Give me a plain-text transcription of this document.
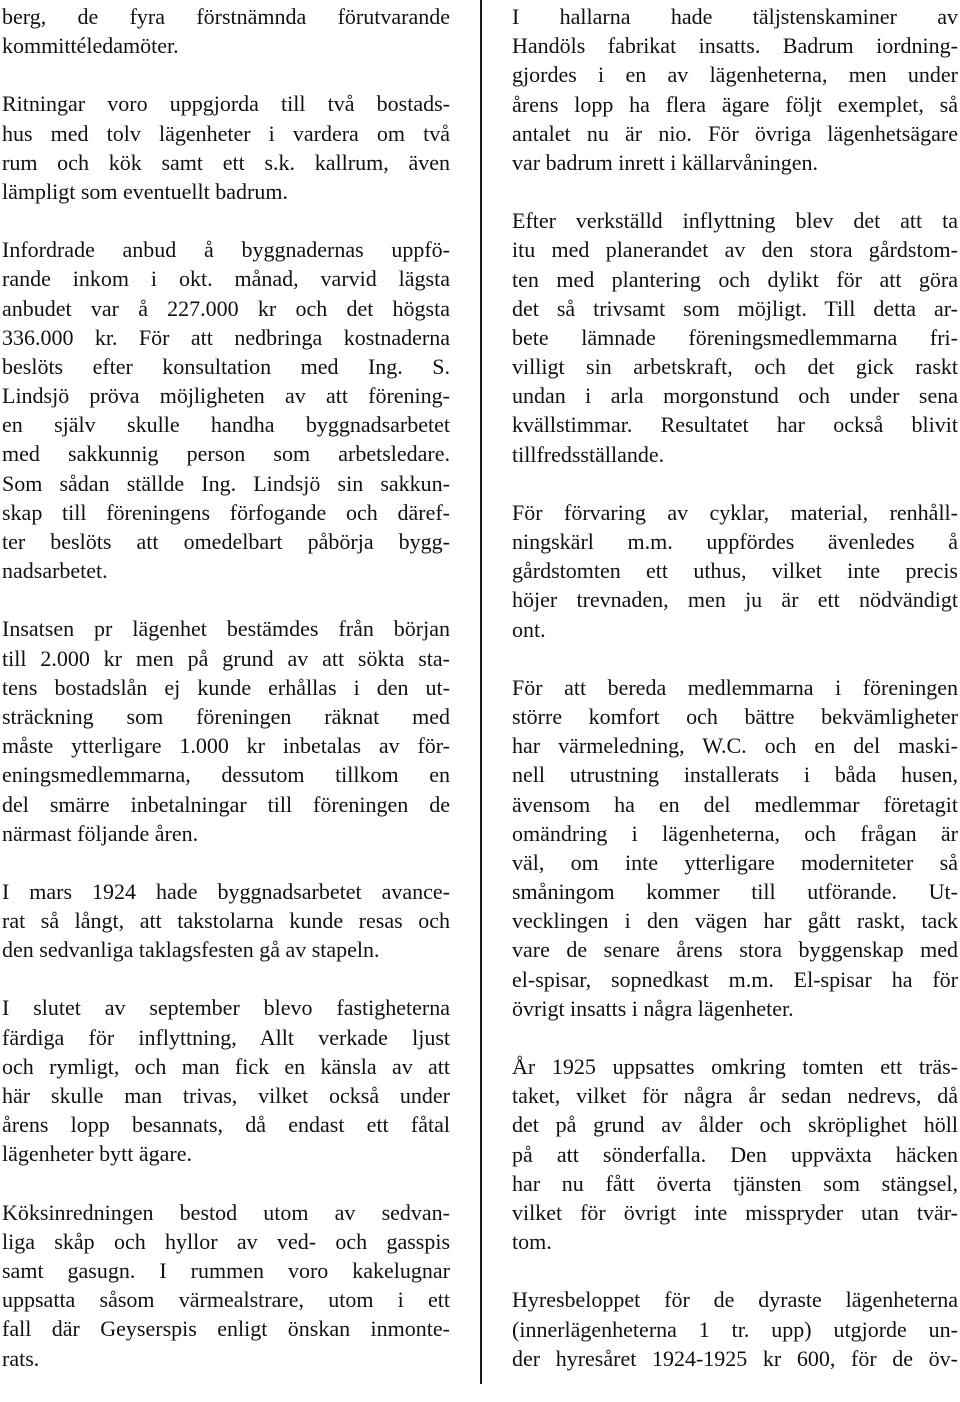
berg, de fyra förstnämnda förutvarande
kommittéledamöter.
Ritningar voro uppgjorda till två bostads-
hus med tolv lägenheter i vardera om två
rum och kök samt ett s.k. kallrum, även
lämpligt som eventuellt badrum.
Infordrade anbud å byggnadernas uppfö-
rande inkom i okt. månad, varvid lägsta
anbudet var å 227.000 kr och det högsta
336.000 kr. För att nedbringa kostnaderna
beslöts efter konsultation med Ing. S.
Lindsjö pröva möjligheten av att förening-
en själv skulle handha byggnadsarbetet
med sakkunnig person som arbetsledare.
Som sådan ställde Ing. Lindsjö sin sakkun-
skap till föreningens förfogande och däref-
ter beslöts att omedelbart påbörja bygg-
nadsarbetet.
Insatsen pr lägenhet bestämdes från början
till 2.000 kr men på grund av att sökta sta-
tens bostadslån ej kunde erhållas i den ut-
sträckning som föreningen räknat med
måste ytterligare 1.000 kr inbetalas av för-
eningsmedlemmarna, dessutom tillkom en
del smärre inbetalningar till föreningen de
närmast följande åren.
I mars 1924 hade byggnadsarbetet avance-
rat så långt, att takstolarna kunde resas och
den sedvanliga taklagsfesten gå av stapeln.
I slutet av september blevo fastigheterna
färdiga för inflyttning, Allt verkade ljust
och rymligt, och man fick en känsla av att
här skulle man trivas, vilket också under
årens lopp besannats, då endast ett fåtal
lägenheter bytt ägare.
Köksinredningen bestod utom av sedvan-
liga skåp och hyllor av ved- och gasspis
samt gasugn. I rummen voro kakelugnar
uppsatta såsom värmealstrare, utom i ett
fall där Geyserspis enligt önskan inmonte-
rats.
I hallarna hade täljstenskaminer av
Handöls fabrikat insatts. Badrum iordning-
gjordes i en av lägenheterna, men under
årens lopp ha flera ägare följt exemplet, så
antalet nu är nio. För övriga lägenhetsägare
var badrum inrett i källarvåningen.
Efter verkställd inflyttning blev det att ta
itu med planerandet av den stora gårdstom-
ten med plantering och dylikt för att göra
det så trivsamt som möjligt. Till detta ar-
bete lämnade föreningsmedlemmarna fri-
villigt sin arbetskraft, och det gick raskt
undan i arla morgonstund och under sena
kvällstimmar. Resultatet har också blivit
tillfredsställande.
För förvaring av cyklar, material, renhåll-
ningskärl m.m. uppfördes ävenledes å
gårdstomten ett uthus, vilket inte precis
höjer trevnaden, men ju är ett nödvändigt
ont.
För att bereda medlemmarna i föreningen
större komfort och bättre bekvämligheter
har värmeledning, W.C. och en del maski-
nell utrustning installerats i båda husen,
ävensom ha en del medlemmar företagit
omändring i lägenheterna, och frågan är
väl, om inte ytterligare moderniteter så
småningom kommer till utförande. Ut-
vecklingen i den vägen har gått raskt, tack
vare de senare årens stora byggenskap med
el-spisar, sopnedkast m.m. El-spisar ha för
övrigt insatts i några lägenheter.
År 1925 uppsattes omkring tomten ett träs-
taket, vilket för några år sedan nedrevs, då
det på grund av ålder och skröplighet höll
på att sönderfalla. Den uppväxta häcken
har nu fått överta tjänsten som stängsel,
vilket för övrigt inte misspryder utan tvär-
tom.
Hyresbeloppet för de dyraste lägenheterna
(innerlägenheterna 1 tr. upp) utgjorde un-
der hyresåret 1924-1925 kr 600, för de öv-
